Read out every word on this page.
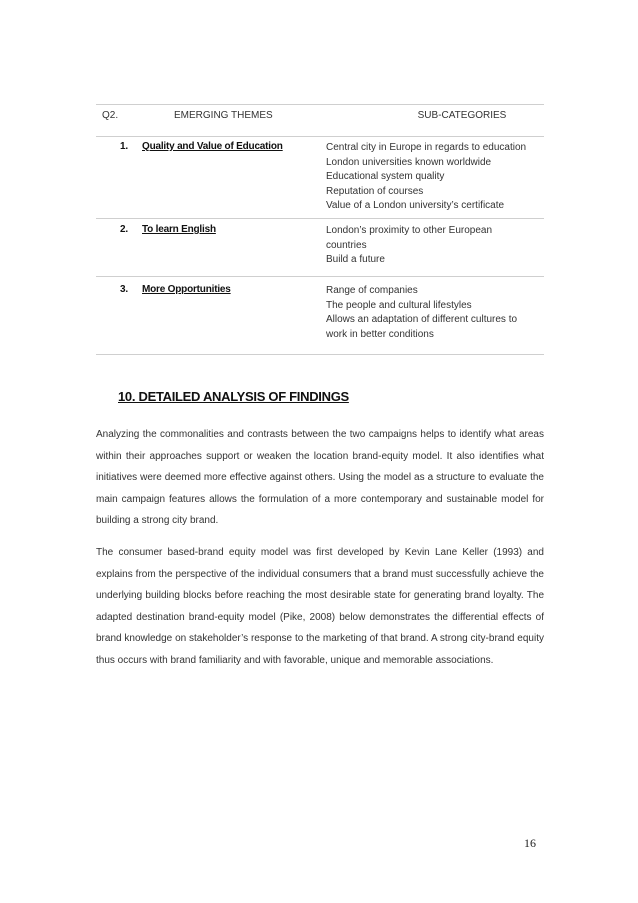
Q2.	EMERGING THEMES	SUB-CATEGORIES
1. Quality and Value of Education	Central city in Europe in regards to education
London universities known worldwide
Educational system quality
Reputation of courses
Value of a London university’s certificate
2. To learn English	London’s proximity to other European
countries
Build a future
3. More Opportunities	Range of companies
The people and cultural lifestyles
Allows an adaptation of different cultures to
work in better conditions
10. DETAILED ANALYSIS OF FINDINGS
Analyzing the commonalities and contrasts between the two campaigns helps to identify what areas within their approaches support or weaken the location brand-equity model. It also identifies what initiatives were deemed more effective against others. Using the model as a structure to evaluate the main campaign features allows the formulation of a more contemporary and sustainable model for building a strong city brand.
The consumer based-brand equity model was first developed by Kevin Lane Keller (1993) and explains from the perspective of the individual consumers that a brand must successfully achieve the underlying building blocks before reaching the most desirable state for generating brand loyalty. The adapted destination brand-equity model (Pike, 2008) below demonstrates the differential effects of brand knowledge on stakeholder’s response to the marketing of that brand. A strong city-brand equity thus occurs with brand familiarity and with favorable, unique and memorable associations.
16
